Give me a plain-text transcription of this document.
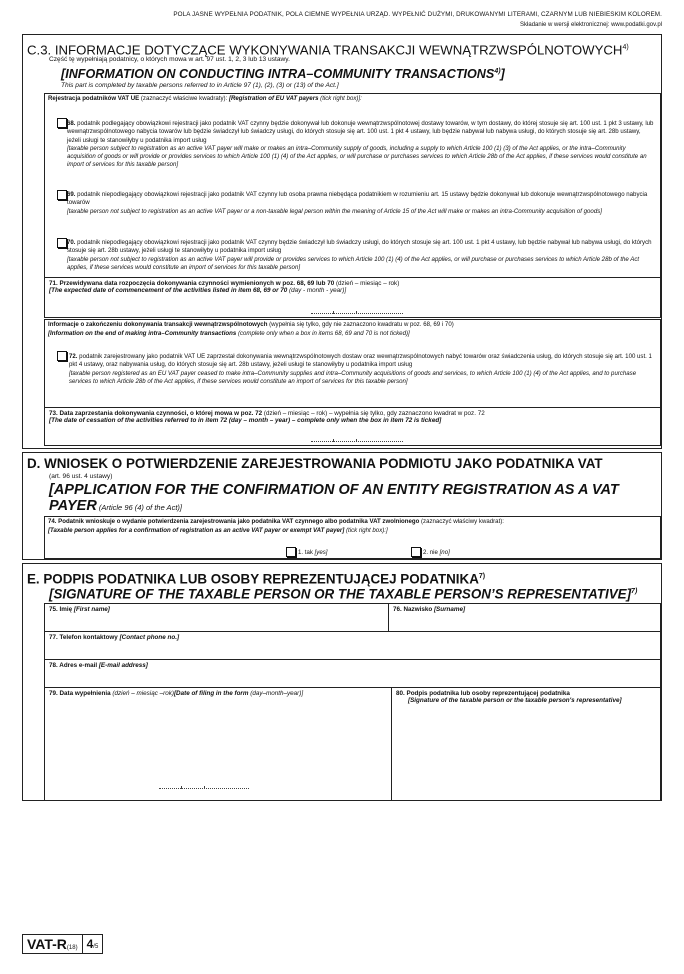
POLA JASNE WYPEŁNIA PODATNIK, POLA CIEMNE WYPEŁNIA URZĄD. WYPEŁNIĆ DUŻYMI, DRUKOWANYMI LITERAMI, CZARNYM LUB NIEBIESKIM KOLOREM.
Składanie w wersji elektronicznej: www.podatki.gov.pl
C.3. INFORMACJE DOTYCZĄCE WYKONYWANIA TRANSAKCJI WEWNĄTRZWSPÓLNOTOWYCH$^{4)}$
Część tę wypełniają podatnicy, o których mowa w art. 97 ust. 1, 2, 3 lub 13 ustawy.
[INFORMATION ON CONDUCTING INTRA–COMMUNITY TRANSACTIONS$^{4)}$]
This part is completed by taxable persons referred to in Article 97 (1), (2), (3) or (13) of the Act.]
Rejestracja podatników VAT UE (zaznaczyć właściwe kwadraty): [Registration of EU VAT payers (tick right box)]:
68. podatnik podlegający obowiązkowi rejestracji jako podatnik VAT czynny będzie dokonywał lub dokonuje wewnątrzwspólnotowej dostawy towarów, w tym dostawy, do której stosuje się art. 100 ust. 1 pkt 3 ustawy, lub wewnątrzwspólnotowego nabycia towarów lub będzie świadczył lub świadczy usługi, do których stosuje się art. 100 ust. 1 pkt 4 ustawy, lub będzie nabywał lub nabywa usługi, do których stosuje się art. 28b ustawy, jeżeli usługi te stanowiłyby u podatnika import usług
[taxable person subject to registration as an active VAT payer will make or makes an intra–Community supply of goods, including a supply to which Article 100 (1) (3) of the Act applies, or the intra–Community acquisition of goods or will provide or provides services to which Article 100 (1) (4) of the Act applies, or will purchase or purchases services to which Article 28b of the Act applies, if these services would constitute an import of services for this taxable person]
69. podatnik niepodlegający obowiązkowi rejestracji jako podatnik VAT czynny lub osoba prawna niebędąca podatnikiem w rozumieniu art. 15 ustawy będzie dokonywał lub dokonuje wewnątrzwspólnotowego nabycia towarów
[taxable person not subject to registration as an active VAT payer or a non-taxable legal person within the meaning of Article 15 of the Act will make or makes an intra-Community acquisition of goods]
70. podatnik niepodlegający obowiązkowi rejestracji jako podatnik VAT czynny będzie świadczył lub świadczy usługi, do których stosuje się art. 100 ust. 1 pkt 4 ustawy, lub będzie nabywał lub nabywa usługi, do których stosuje się art. 28b ustawy, jeżeli usługi te stanowiłyby u podatnika import usług
[taxable person not subject to registration as an active VAT payer will provide or provides services to which Article 100 (1) (4) of the Act applies, or will purchase or purchases services to which Article 28b of the Act applies, if these services would constitute an import of services for this taxable person]
71. Przewidywana data rozpoczęcia dokonywania czynności wymienionych w poz. 68, 69 lub 70 (dzień – miesiąc – rok)
[The expected date of commencement of the activities listed in item 68, 69 or 70 (day - month - year)]
Informacje o zakończeniu dokonywania transakcji wewnątrzwspólnotowych (wypełnia się tylko, gdy nie zaznaczono kwadratu w poz. 68, 69 i 70)
[Information on the end of making intra–Community transactions (complete only when a box in items 68, 69 and 70 is not ticked)]
72. podatnik zarejestrowany jako podatnik VAT UE zaprzestał dokonywania wewnątrzwspólnotowych dostaw oraz wewnątrzwspólnotowych nabyć towarów oraz świadczenia usług, do których stosuje się art. 100 ust. 1 pkt 4 ustawy, oraz nabywania usług, do których stosuje się art. 28b ustawy, jeżeli usługi te stanowiłyby u podatnika import usług
[taxable person registered as an EU VAT payer ceased to make intra–Community supplies and intra–Community acquisitions of goods and services, to which Article 100 (1) (4) of the Act applies, and to purchase services to which Article 28b of the Act applies, if these services would constitute an import of services for this taxable person]
73. Data zaprzestania dokonywania czynności, o której mowa w poz. 72 (dzień – miesiąc – rok) – wypełnia się tylko, gdy zaznaczono kwadrat w poz. 72
[The date of cessation of the activities referred to in item 72 (day – month – year) – complete only when the box in item 72 is ticked]
D. WNIOSEK O POTWIERDZENIE ZAREJESTROWANIA PODMIOTU JAKO PODATNIKA VAT
(art. 96 ust. 4 ustawy)
[APPLICATION FOR THE CONFIRMATION OF AN ENTITY REGISTRATION AS A VAT
PAYER (Article 96 (4) of the Act)]
74. Podatnik wnioskuje o wydanie potwierdzenia zarejestrowania jako podatnika VAT czynnego albo podatnika VAT zwolnionego (zaznaczyć właściwy kwadrat):
[Taxable person applies for a confirmation of registration as an active VAT payer or exempt VAT payer] (tick right box):]
1. tak [yes]	2. nie [no]
E. PODPIS PODATNIKA LUB OSOBY REPREZENTUJĄCEJ PODATNIKA$^{7)}$
[SIGNATURE OF THE TAXABLE PERSON OR THE TAXABLE PERSON’S REPRESENTATIVE]$^{7)}$
75. Imię [First name]	76. Nazwisko [Surname]
77. Telefon kontaktowy [Contact phone no.]
78. Adres e-mail [E-mail address]
79. Data wypełnienia (dzień – miesiąc –rok)[Date of filing in the form (day–month–year)]	80. Podpis podatnika lub osoby reprezentującej podatnika
[Signature of the taxable person or the taxable person's representative]
VAT-R (18) 4 /5
